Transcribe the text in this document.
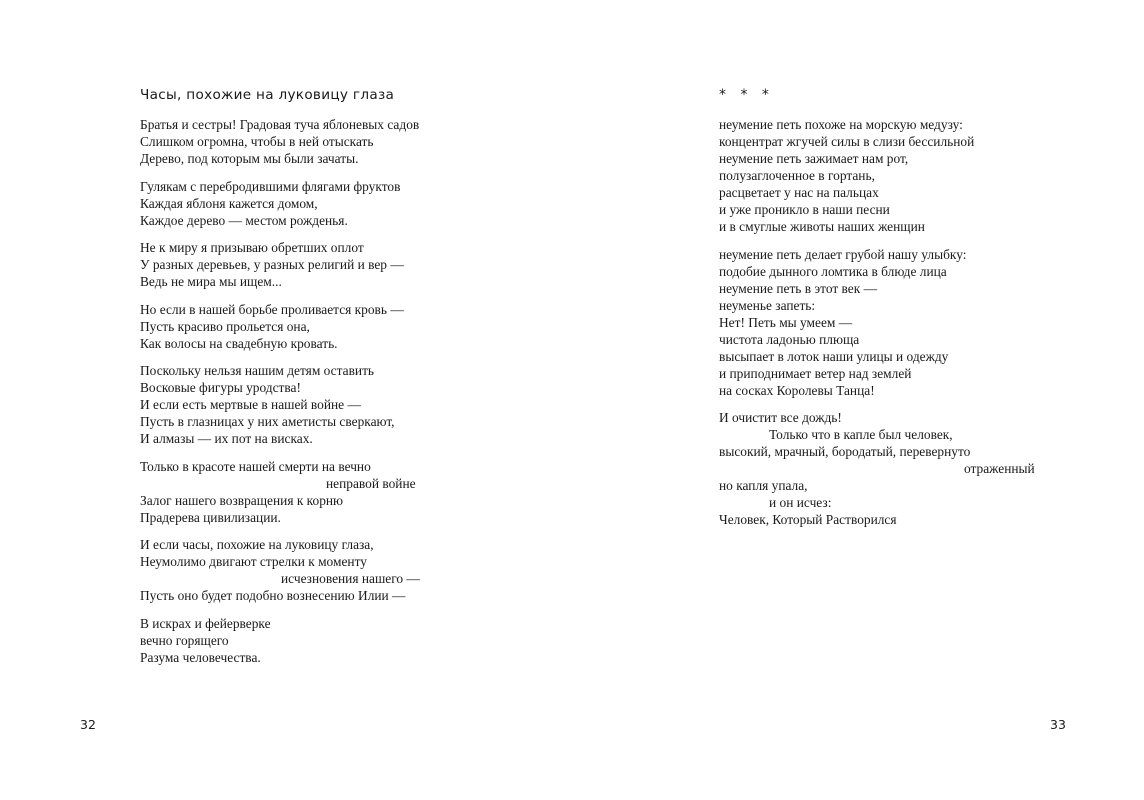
Часы, похожие на луковицу глаза
Братья и сестры! Градовая туча яблоневых садов
Слишком огромна, чтобы в ней отыскать
Дерево, под которым мы были зачаты.
Гулякам с перебродившими флягами фруктов
Каждая яблоня кажется домом,
Каждое дерево — местом рожденья.
Не к миру я призываю обретших оплот
У разных деревьев, у разных религий и вер —
Ведь не мира мы ищем...
Но если в нашей борьбе проливается кровь —
Пусть красиво прольется она,
Как волосы на свадебную кровать.
Поскольку нельзя нашим детям оставить
Восковые фигуры уродства!
И если есть мертвые в нашей войне —
Пусть в глазницах у них аметисты сверкают,
И алмазы — их пот на висках.
Только в красоте нашей смерти на вечно
неправой войне
Залог нашего возвращения к корню
Прадерева цивилизации.
И если часы, похожие на луковицу глаза,
Неумолимо двигают стрелки к моменту
исчезновения нашего —
Пусть оно будет подобно вознесению Илии —
В искрах и фейерверке
вечно горящего
Разума человечества.
32
* * *
неумение петь похоже на морскую медузу:
концентрат жгучей силы в слизи бессильной
неумение петь зажимает нам рот,
полузаглоченное в гортань,
расцветает у нас на пальцах
и уже проникло в наши песни
и в смуглые животы наших женщин
неумение петь делает грубой нашу улыбку:
подобие дынного ломтика в блюде лица
неумение петь в этот век —
неуменье запеть:
Нет! Петь мы умеем —
чистота ладонью плюща
высыпает в лоток наши улицы и одежду
и приподнимает ветер над землей
на сосках Королевы Танца!
И очистит все дождь!
Только что в капле был человек,
высокий, мрачный, бородатый, перевернуто
отраженный
но капля упала,
и он исчез:
Человек, Который Растворился
33
